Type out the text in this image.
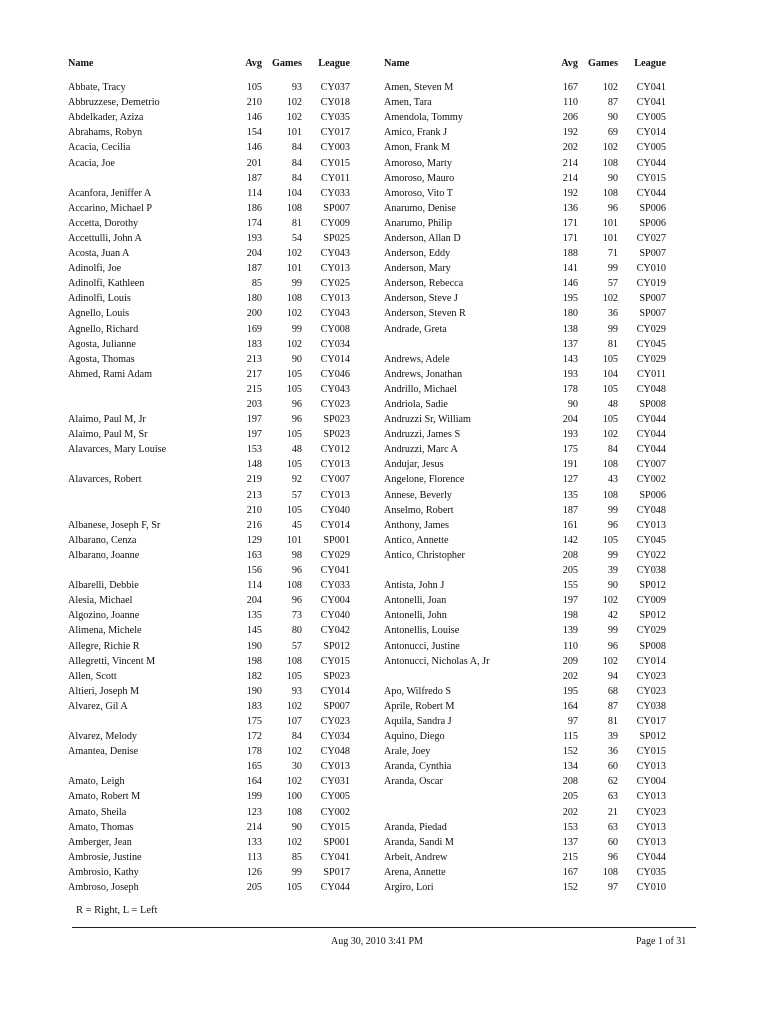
Name	Avg Games	League
Abbate, Tracy	105	93	CY037
Abbruzzese, Demetrio	210	102	CY018
Abdelkader, Aziza	146	102	CY035
Abrahams, Robyn	154	101	CY017
Acacia, Cecilia	146	84	CY003
Acacia, Joe	201	84	CY015
187	84	CY011
Acanfora, Jeniffer A	114	104	CY033
Accarino, Michael P	186	108	SP007
Accetta, Dorothy	174	81	CY009
Accettulli, John A	193	54	SP025
Acosta, Juan A	204	102	CY043
Adinolfi, Joe	187	101	CY013
Adinolfi, Kathleen	85	99	CY025
Adinolfi, Louis	180	108	CY013
Agnello, Louis	200	102	CY043
Agnello, Richard	169	99	CY008
Agosta, Julianne	183	102	CY034
Agosta, Thomas	213	90	CY014
Ahmed, Rami Adam	217	105	CY046
215	105	CY043
203	96	CY023
Alaimo, Paul M, Jr	197	96	SP023
Alaimo, Paul M, Sr	197	105	SP023
Alavarces, Mary Louise	153	48	CY012
148	105	CY013
Alavarces, Robert	219	92	CY007
213	57	CY013
210	105	CY040
Albanese, Joseph F, Sr	216	45	CY014
Albarano, Cenza	129	101	SP001
Albarano, Joanne	163	98	CY029
156	96	CY041
Albarelli, Debbie	114	108	CY033
Alesia, Michael	204	96	CY004
Algozino, Joanne	135	73	CY040
Alimena, Michele	145	80	CY042
Allegre, Richie R	190	57	SP012
Allegretti, Vincent M	198	108	CY015
Allen, Scott	182	105	SP023
Altieri, Joseph M	190	93	CY014
Alvarez, Gil A	183	102	SP007
175	107	CY023
Alvarez, Melody	172	84	CY034
Amantea, Denise	178	102	CY048
165	30	CY013
Amato, Leigh	164	102	CY031
Amato, Robert M	199	100	CY005
Amato, Sheila	123	108	CY002
Amato, Thomas	214	90	CY015
Amberger, Jean	133	102	SP001
Ambrosie, Justine	113	85	CY041
Ambrosio, Kathy	126	99	SP017
Ambroso, Joseph	205	105	CY044
Name	Avg Games	League
Amen, Steven M	167	102	CY041
Amen, Tara	110	87	CY041
Amendola, Tommy	206	90	CY005
Amico, Frank J	192	69	CY014
Amon, Frank M	202	102	CY005
Amoroso, Marty	214	108	CY044
Amoroso, Mauro	214	90	CY015
Amoroso, Vito T	192	108	CY044
Anarumo, Denise	136	96	SP006
Anarumo, Philip	171	101	SP006
Anderson, Allan D	171	101	CY027
Anderson, Eddy	188	71	SP007
Anderson, Mary	141	99	CY010
Anderson, Rebecca	146	57	CY019
Anderson, Steve J	195	102	SP007
Anderson, Steven R	180	36	SP007
Andrade, Greta	138	99	CY029
137	81	CY045
Andrews, Adele	143	105	CY029
Andrews, Jonathan	193	104	CY011
Andrillo, Michael	178	105	CY048
Andriola, Sadie	90	48	SP008
Andruzzi Sr, William	204	105	CY044
Andruzzi, James S	193	102	CY044
Andruzzi, Marc A	175	84	CY044
Andujar, Jesus	191	108	CY007
Angelone, Florence	127	43	CY002
Annese, Beverly	135	108	SP006
Anselmo, Robert	187	99	CY048
Anthony, James	161	96	CY013
Antico, Annette	142	105	CY045
Antico, Christopher	208	99	CY022
205	39	CY038
Antista, John J	155	90	SP012
Antonelli, Joan	197	102	CY009
Antonelli, John	198	42	SP012
Antonellis, Louise	139	99	CY029
Antonucci, Justine	110	96	SP008
Antonucci, Nicholas A, Jr	209	102	CY014
202	94	CY023
Apo, Wilfredo S	195	68	CY023
Aprile, Robert M	164	87	CY038
Aquila, Sandra J	97	81	CY017
Aquino, Diego	115	39	SP012
Arale, Joey	152	36	CY015
Aranda, Cynthia	134	60	CY013
Aranda, Oscar	208	62	CY004
205	63	CY013
202	21	CY023
Aranda, Piedad	153	63	CY013
Aranda, Sandi M	137	60	CY013
Arbeit, Andrew	215	96	CY044
Arena, Annette	167	108	CY035
Argiro, Lori	152	97	CY010
R = Right, L = Left
Aug 30, 2010 3:41 PM	Page 1 of 31
